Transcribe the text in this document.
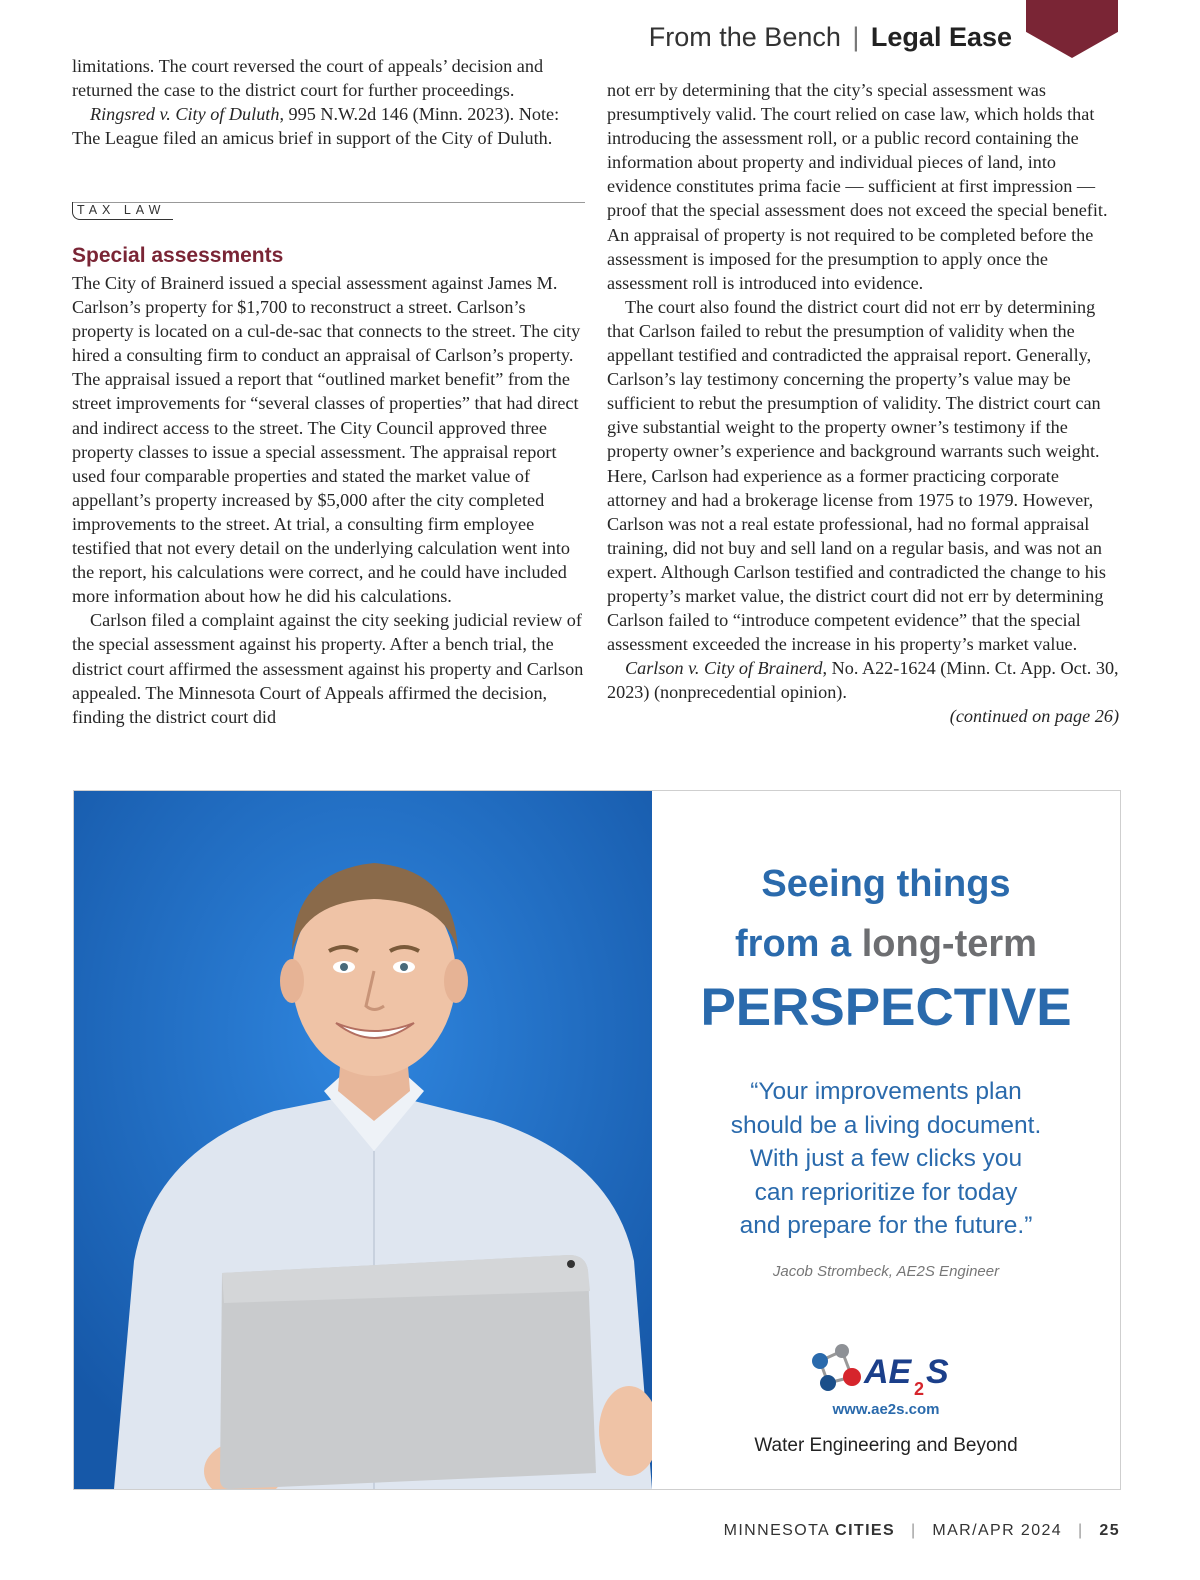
From the Bench | Legal Ease

limitations. The court reversed the court of appeals’ decision and returned the case to the district court for further proceedings.

Ringsred v. City of Duluth, 995 N.W.2d 146 (Minn. 2023). Note: The League filed an amicus brief in support of the City of Duluth.

TAX LAW
Special assessments

The City of Brainerd issued a special assessment against James M. Carlson’s property for $1,700 to reconstruct a street. Carlson’s property is located on a cul-de-sac that connects to the street. The city hired a consulting firm to conduct an appraisal of Carlson’s property. The appraisal issued a report that “outlined market benefit” from the street improvements for “several classes of properties” that had direct and indirect access to the street. The City Council approved three property classes to issue a special assessment. The appraisal report used four comparable properties and stated the market value of appellant’s property increased by $5,000 after the city completed improvements to the street. At trial, a consulting firm employee testified that not every detail on the underlying calculation went into the report, his calculations were correct, and he could have included more information about how he did his calculations.

Carlson filed a complaint against the city seeking judicial review of the special assessment against his property. After a bench trial, the district court affirmed the assessment against his property and Carlson appealed. The Minnesota Court of Appeals affirmed the decision, finding the district court did

not err by determining that the city’s special assessment was presumptively valid. The court relied on case law, which holds that introducing the assessment roll, or a public record containing the information about property and individual pieces of land, into evidence constitutes prima facie — sufficient at first impression — proof that the special assessment does not exceed the special benefit. An appraisal of property is not required to be completed before the assessment is imposed for the presumption to apply once the assessment roll is introduced into evidence.

The court also found the district court did not err by determining that Carlson failed to rebut the presumption of validity when the appellant testified and contradicted the appraisal report. Generally, Carlson’s lay testimony concerning the property’s value may be sufficient to rebut the presumption of validity. The district court can give substantial weight to the property owner’s testimony if the property owner’s experience and background warrants such weight. Here, Carlson had experience as a former practicing corporate attorney and had a brokerage license from 1975 to 1979. However, Carlson was not a real estate professional, had no formal appraisal training, did not buy and sell land on a regular basis, and was not an expert. Although Carlson testified and contradicted the change to his property’s market value, the district court did not err by determining Carlson failed to “introduce competent evidence” that the special assessment exceeded the increase in his property’s market value.

Carlson v. City of Brainerd, No. A22-1624 (Minn. Ct. App. Oct. 30, 2023) (nonprecedential opinion).

(continued on page 26)

Seeing things
from a long-term
PERSPECTIVE
“Your improvements plan
should be a living document.
With just a few clicks you
can reprioritize for today
and prepare for the future.”
Jacob Strombeck, AE2S Engineer
AE 2 S
www.ae2s.com
Water Engineering and Beyond
MINNESOTA CITIES | MAR/APR 2024 | 25
